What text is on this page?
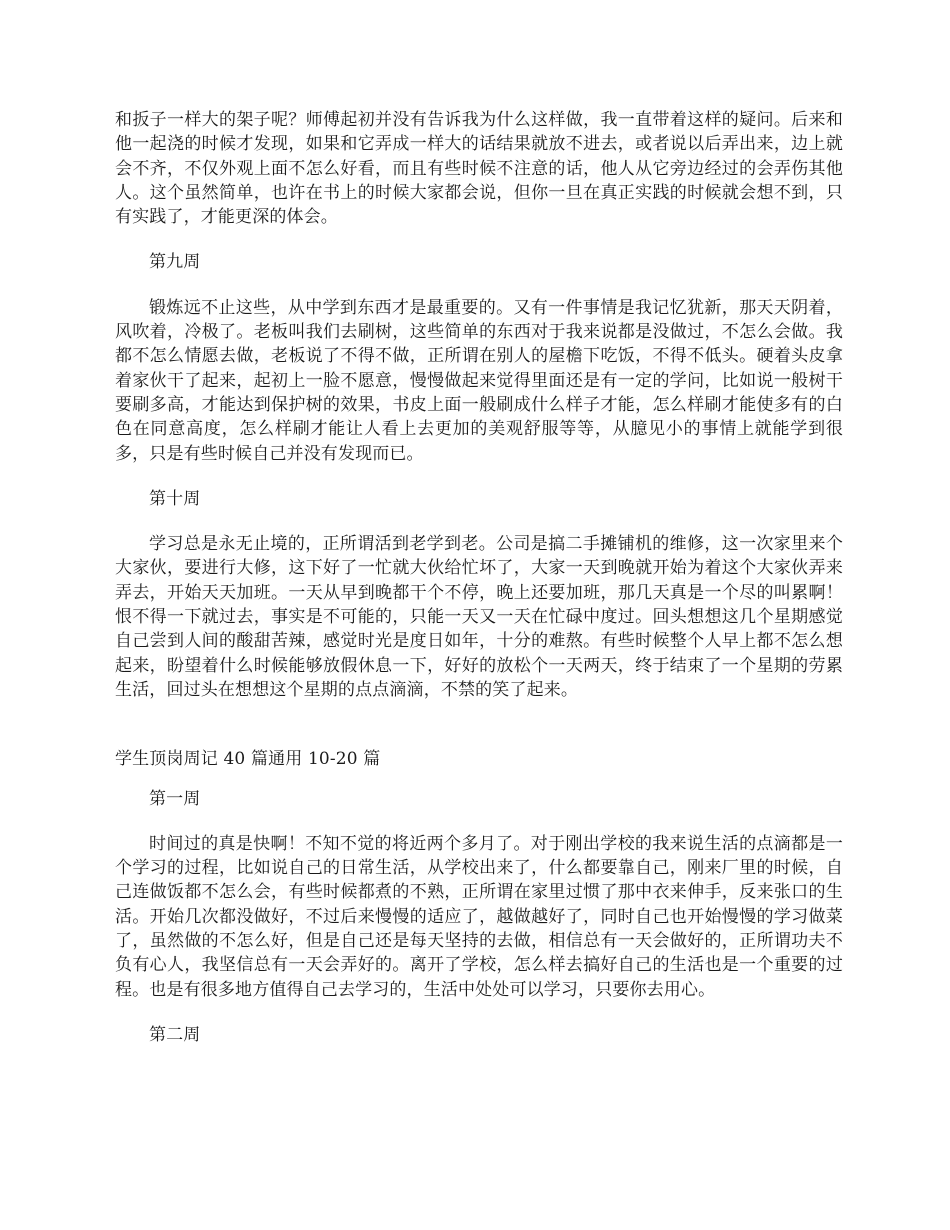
和扳子一样大的架子呢？师傅起初并没有告诉我为什么这样做，我一直带着这样的疑问。后来和他一起浇的时候才发现，如果和它弄成一样大的话结果就放不进去，或者说以后弄出来，边上就会不齐，不仅外观上面不怎么好看，而且有些时候不注意的话，他人从它旁边经过的会弄伤其他人。这个虽然简单，也许在书上的时候大家都会说，但你一旦在真正实践的时候就会想不到，只有实践了，才能更深的体会。

第九周

锻炼远不止这些，从中学到东西才是最重要的。又有一件事情是我记忆犹新，那天天阴着，风吹着，冷极了。老板叫我们去刷树，这些简单的东西对于我来说都是没做过，不怎么会做。我都不怎么情愿去做，老板说了不得不做，正所谓在别人的屋檐下吃饭，不得不低头。硬着头皮拿着家伙干了起来，起初上一脸不愿意，慢慢做起来觉得里面还是有一定的学问，比如说一般树干要刷多高，才能达到保护树的效果，书皮上面一般刷成什么样子才能，怎么样刷才能使多有的白色在同意高度，怎么样刷才能让人看上去更加的美观舒服等等，从臆见小的事情上就能学到很多，只是有些时候自己并没有发现而已。

第十周

学习总是永无止境的，正所谓活到老学到老。公司是搞二手摊铺机的维修，这一次家里来个大家伙，要进行大修，这下好了一忙就大伙给忙坏了，大家一天到晚就开始为着这个大家伙弄来弄去，开始天天加班。一天从早到晚都干个不停，晚上还要加班，那几天真是一个尽的叫累啊！恨不得一下就过去，事实是不可能的，只能一天又一天在忙碌中度过。回头想想这几个星期感觉自己尝到人间的酸甜苦辣，感觉时光是度日如年，十分的难熬。有些时候整个人早上都不怎么想起来，盼望着什么时候能够放假休息一下，好好的放松个一天两天，终于结束了一个星期的劳累生活，回过头在想想这个星期的点点滴滴，不禁的笑了起来。

学生顶岗周记 40 篇通用 10-20 篇

第一周

时间过的真是快啊！不知不觉的将近两个多月了。对于刚出学校的我来说生活的点滴都是一个学习的过程，比如说自己的日常生活，从学校出来了，什么都要靠自己，刚来厂里的时候，自己连做饭都不怎么会，有些时候都煮的不熟，正所谓在家里过惯了那中衣来伸手，反来张口的生活。开始几次都没做好，不过后来慢慢的适应了，越做越好了，同时自己也开始慢慢的学习做菜了，虽然做的不怎么好，但是自己还是每天坚持的去做，相信总有一天会做好的，正所谓功夫不负有心人，我坚信总有一天会弄好的。离开了学校，怎么样去搞好自己的生活也是一个重要的过程。也是有很多地方值得自己去学习的，生活中处处可以学习，只要你去用心。

第二周
